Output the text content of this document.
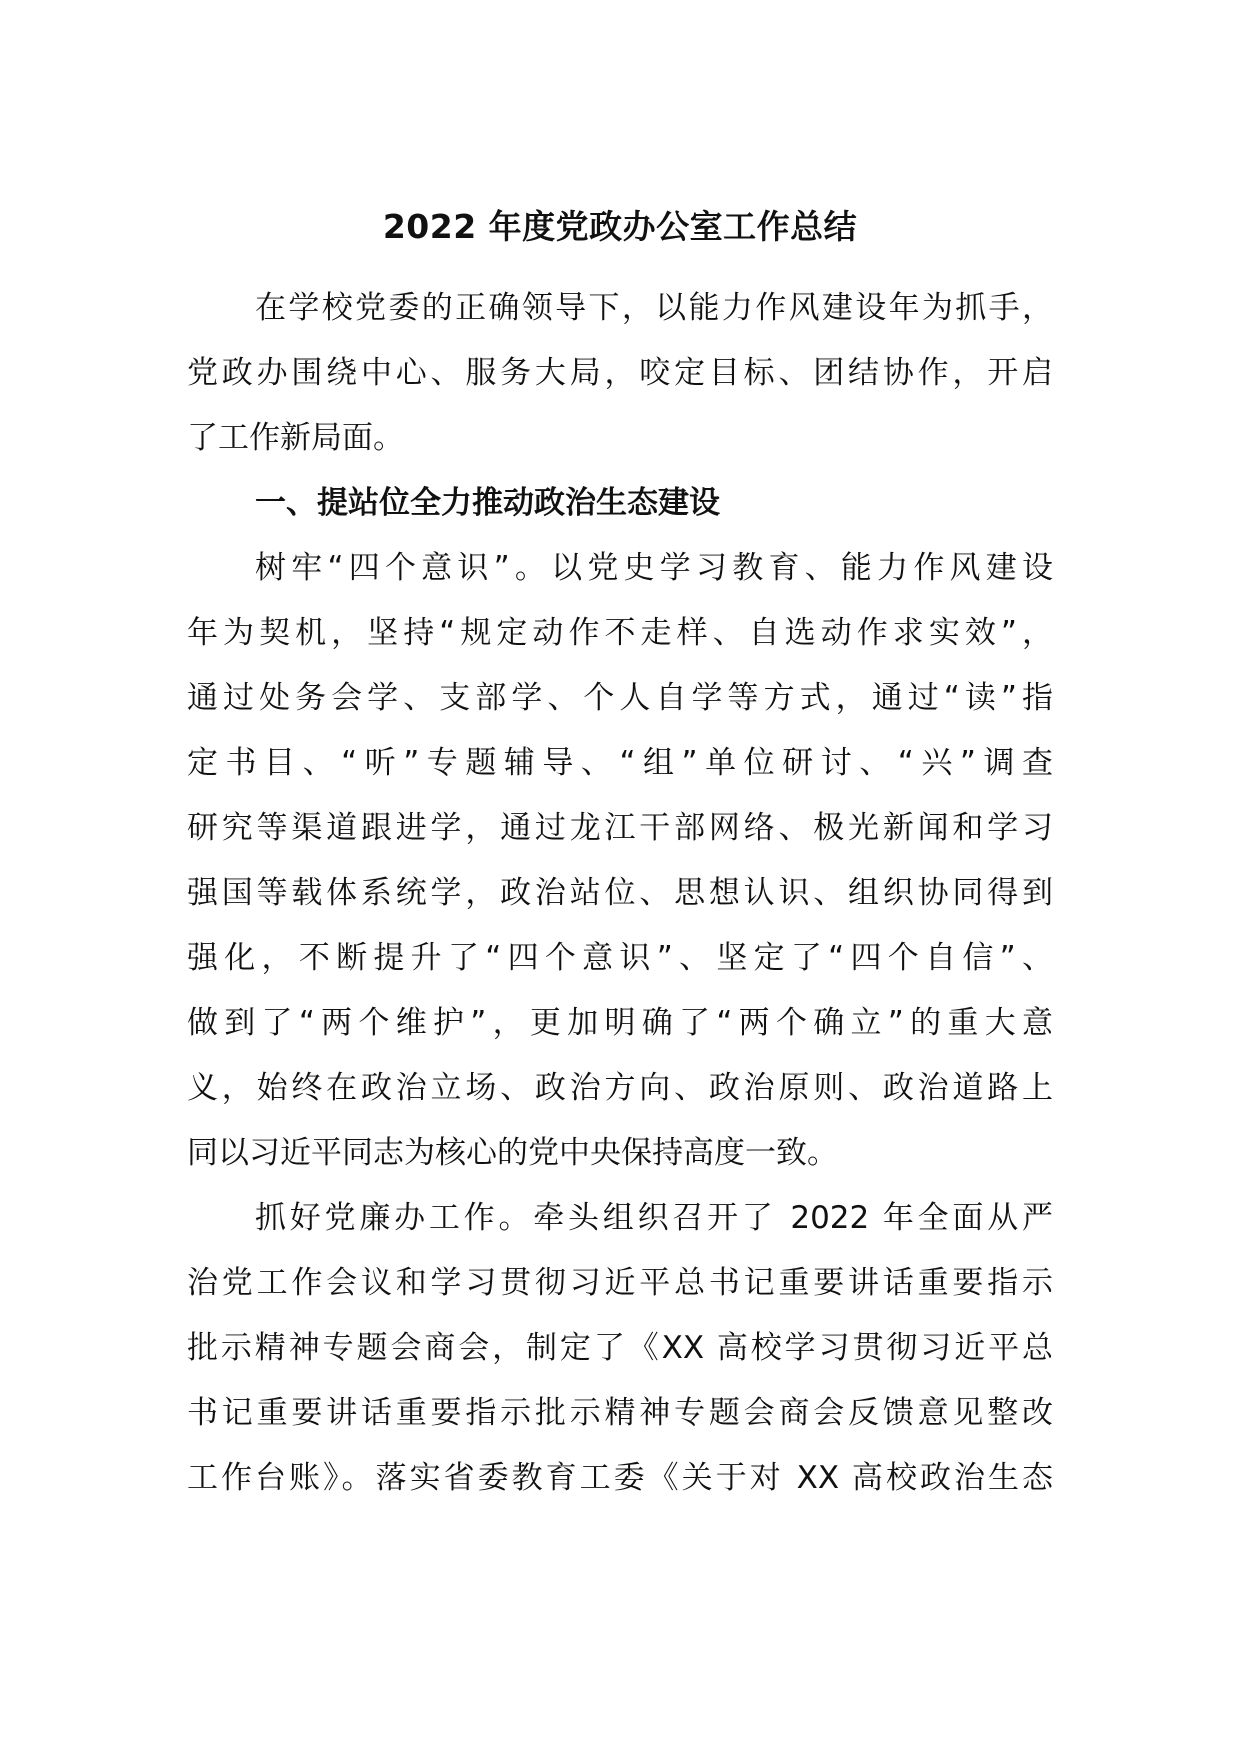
2022 年度党政办公室工作总结
在学校党委的正确领导下，以能力作风建设年为抓手，
党政办围绕中心、服务大局，咬定目标、团结协作，开启
了工作新局面。
一、提站位全力推动政治生态建设
树牢“四个意识”。以党史学习教育、能力作风建设
年为契机，坚持“规定动作不走样、自选动作求实效”，
通过处务会学、支部学、个人自学等方式，通过“读”指
定书目、“听”专题辅导、“组”单位研讨、“兴”调查
研究等渠道跟进学，通过龙江干部网络、极光新闻和学习
强国等载体系统学，政治站位、思想认识、组织协同得到
强化，不断提升了“四个意识”、坚定了“四个自信”、
做到了“两个维护”，更加明确了“两个确立”的重大意
义，始终在政治立场、政治方向、政治原则、政治道路上
同以习近平同志为核心的党中央保持高度一致。
抓好党廉办工作。牵头组织召开了 2022 年全面从严
治党工作会议和学习贯彻习近平总书记重要讲话重要指示
批示精神专题会商会，制定了《XX 高校学习贯彻习近平总
书记重要讲话重要指示批示精神专题会商会反馈意见整改
工作台账》。落实省委教育工委《关于对 XX 高校政治生态
